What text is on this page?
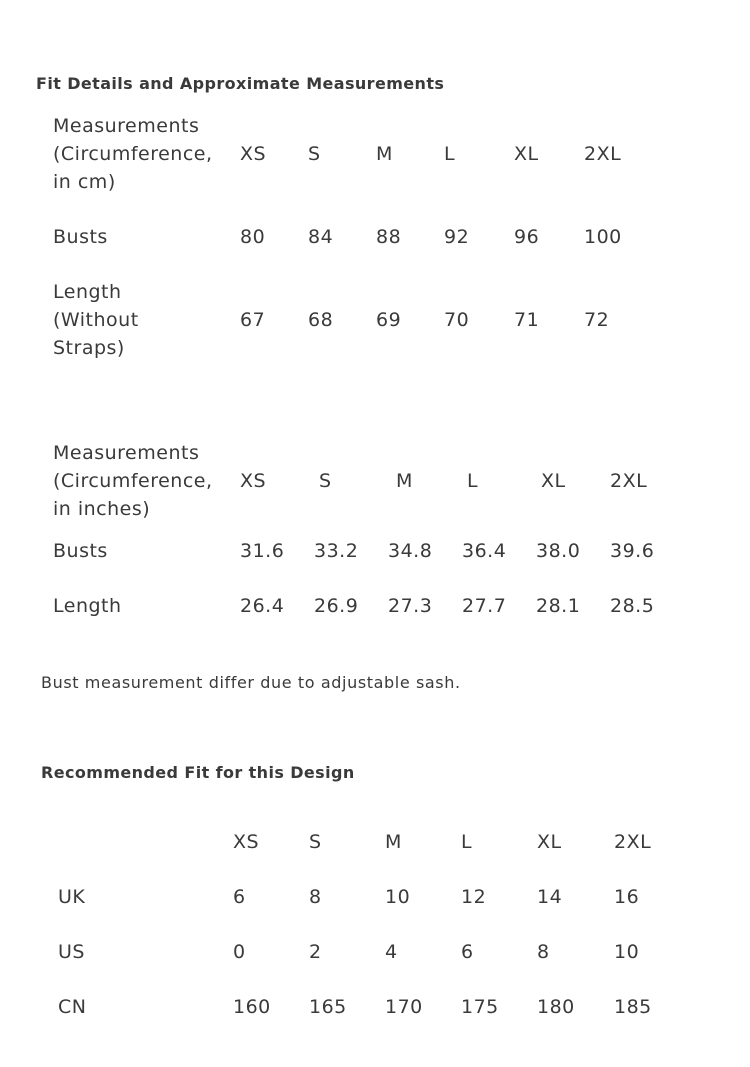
Fit Details and Approximate Measurements
Measurements (Circumference, in cm)	XS	S	M	L	XL	2XL
Busts	80	84	88	92	96	100
Length (Without Straps)	67	68	69	70	71	72
Measurements (Circumference, in inches)	XS	S	M	L	XL	2XL
Busts	31.6	33.2	34.8	36.4	38.0	39.6
Length	26.4	26.9	27.3	27.7	28.1	28.5
Bust measurement differ due to adjustable sash.
Recommended Fit for this Design
	XS	S	M	L	XL	2XL
UK	6	8	10	12	14	16
US	0	2	4	6	8	10
CN	160	165	170	175	180	185
